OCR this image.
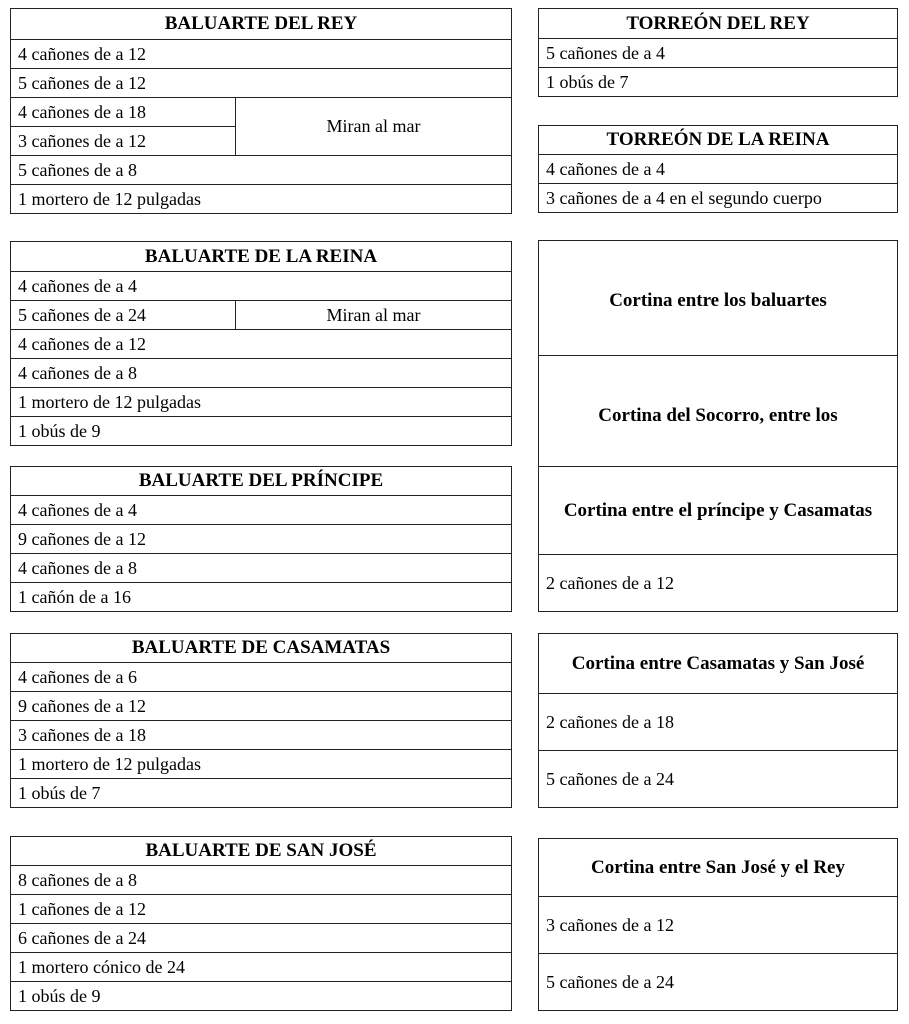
BALUARTE DEL REY
4 cañones de a 12
5 cañones de a 12
4 cañones de a 18	Miran al mar
3 cañones de a 12
5 cañones de a 8
1 mortero de 12 pulgadas
BALUARTE DE LA REINA
4 cañones de a 4
5 cañones de a 24	Miran al mar
4 cañones de a 12
4 cañones de a 8
1 mortero de 12 pulgadas
1 obús de 9
BALUARTE DEL PRÍNCIPE
4 cañones de a 4
9 cañones de a 12
4 cañones de a 8
1 cañón de a 16
BALUARTE DE CASAMATAS
4 cañones de a 6
9 cañones de a 12
3 cañones de a 18
1 mortero de 12 pulgadas
1 obús de 7
BALUARTE DE SAN JOSÉ
8 cañones de a 8
1 cañones de a 12
6 cañones de a 24
1 mortero cónico de 24
1 obús de 9
TORREÓN DEL REY
5 cañones de a 4
1 obús de 7
TORREÓN DE LA REINA
4 cañones de a 4
3 cañones de a 4 en el segundo cuerpo

Cortina entre los baluartes

Cortina del Socorro, entre los

Cortina entre el príncipe y Casamatas
2 cañones de a 12
Cortina entre Casamatas y San José
2 cañones de a 18
5 cañones de a 24
Cortina entre San José y el Rey
3 cañones de a 12
5 cañones de a 24
